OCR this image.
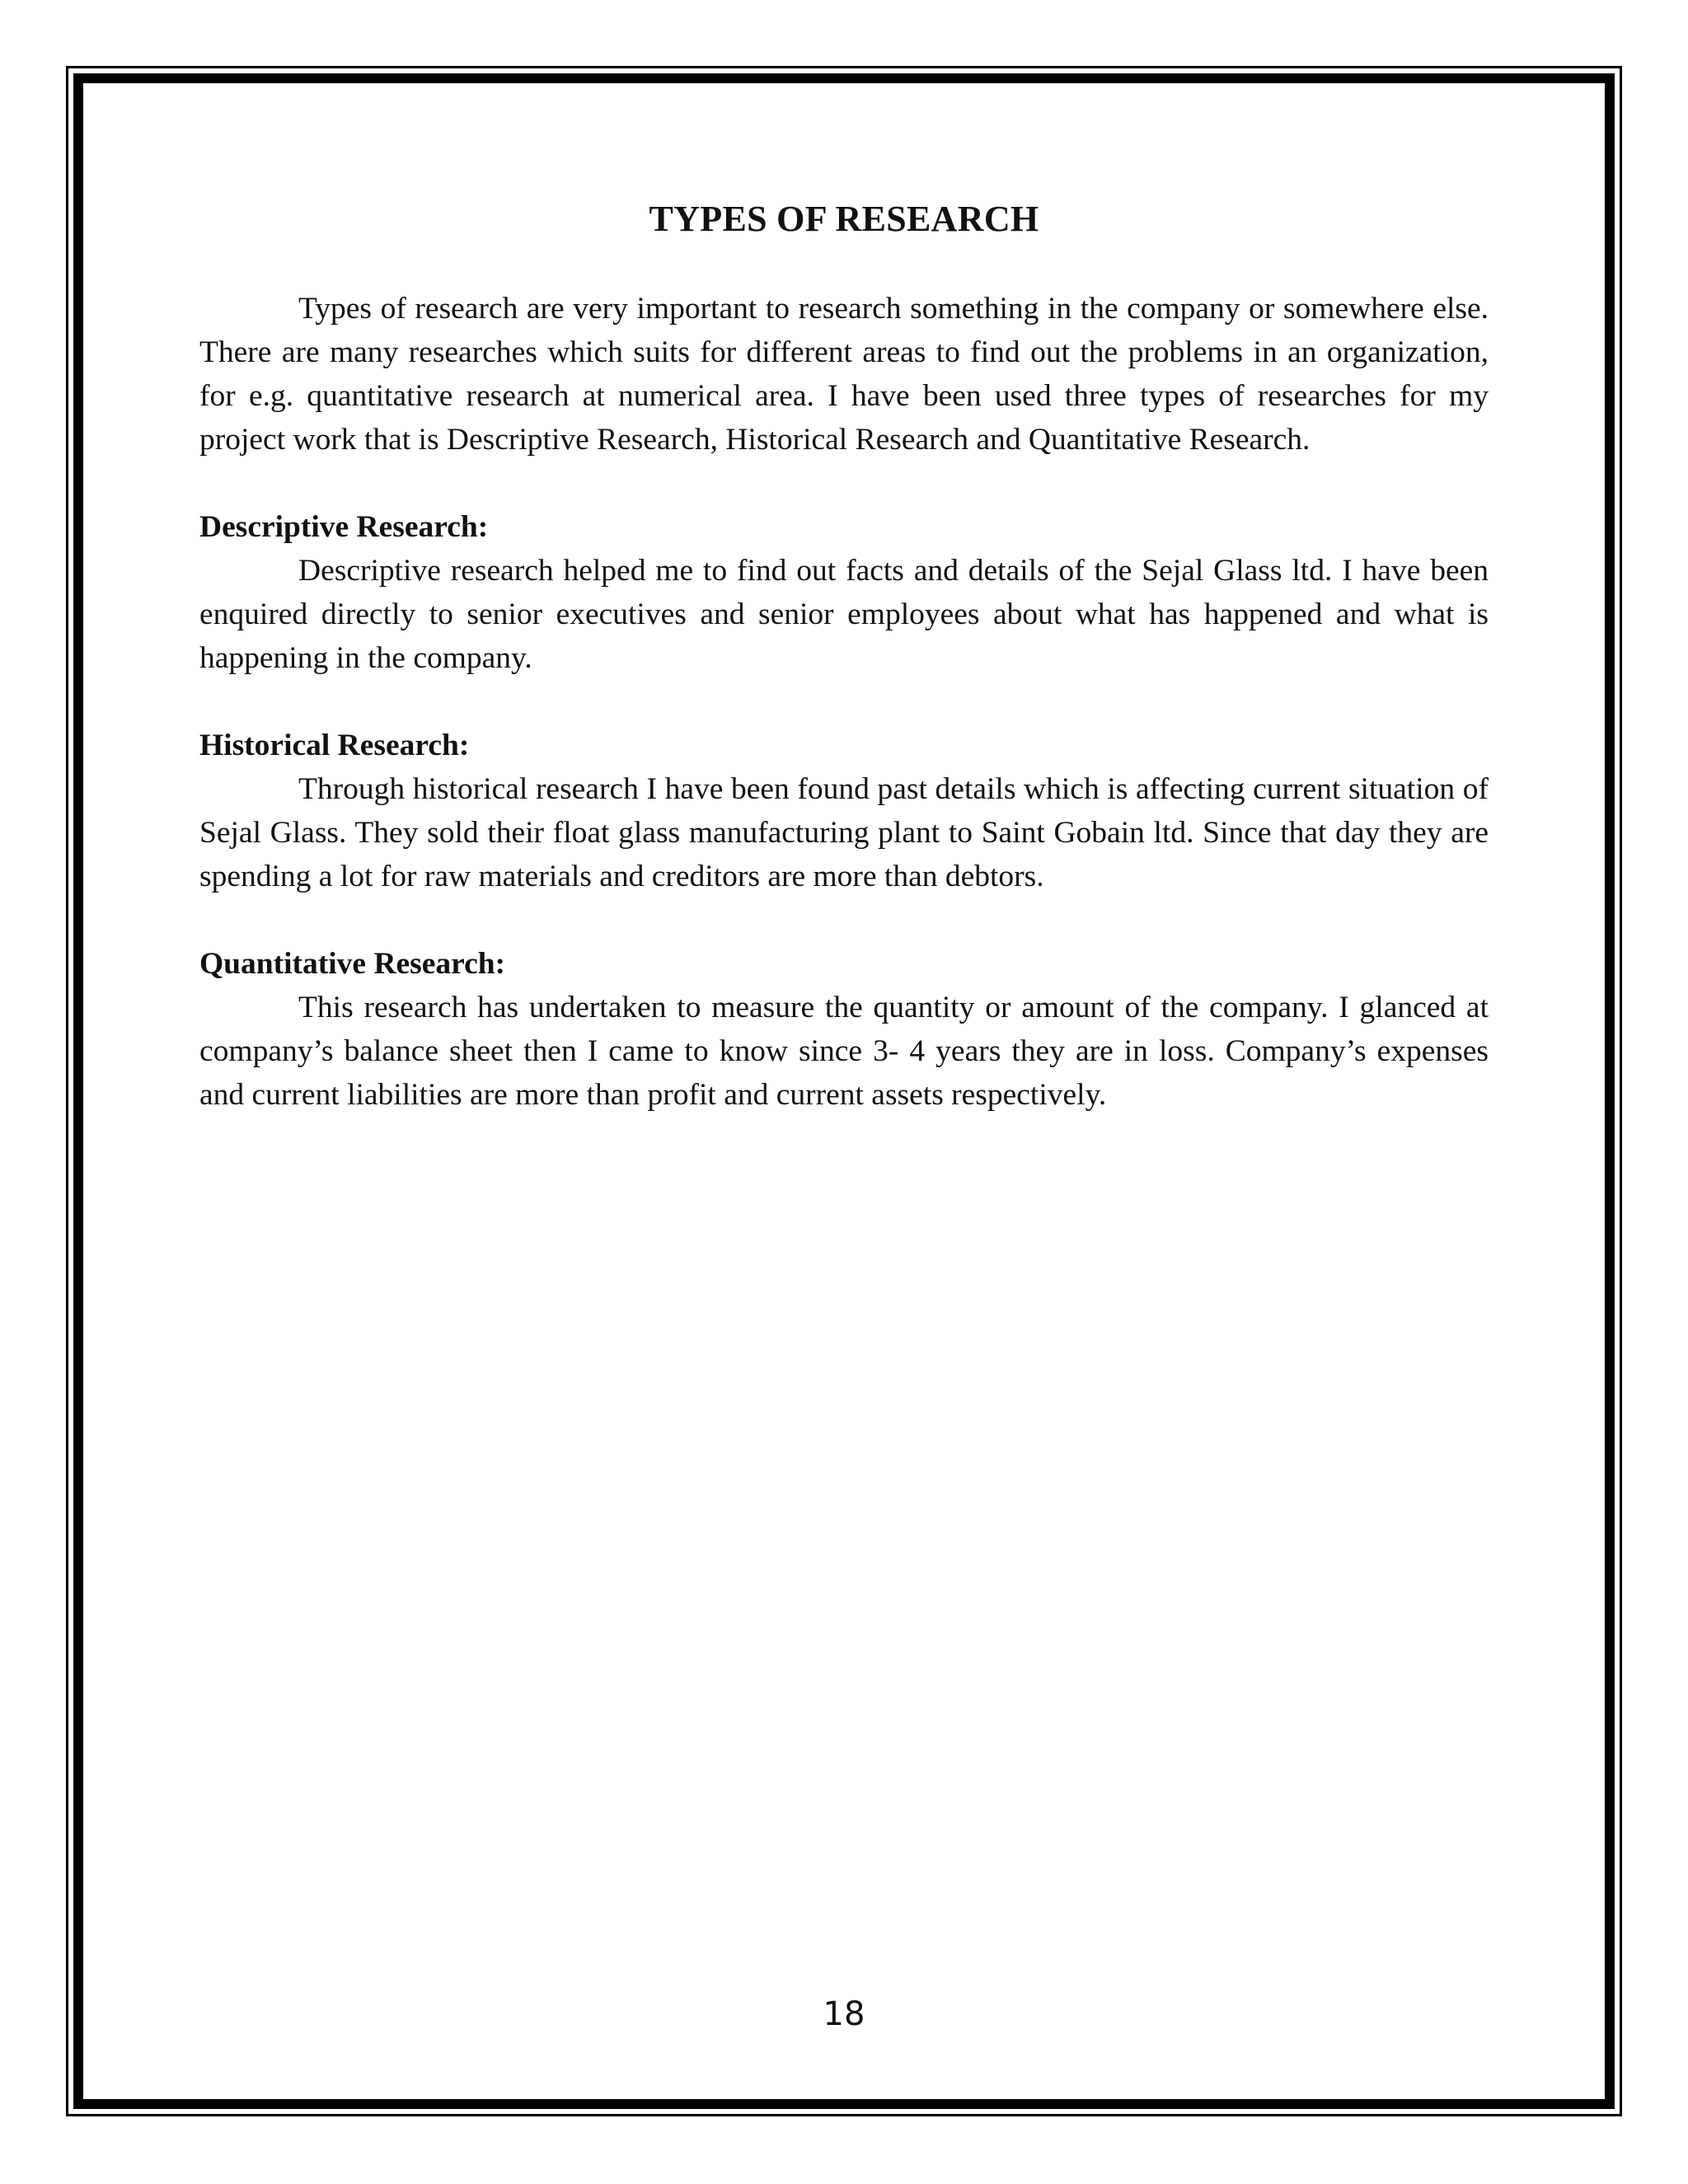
TYPES OF RESEARCH

Types of research are very important to research something in the company or somewhere else. There are many researches which suits for different areas to find out the problems in an organization, for e.g. quantitative research at numerical area. I have been used three types of researches for my project work that is Descriptive Research, Historical Research and Quantitative Research.

Descriptive Research:

Descriptive research helped me to find out facts and details of the Sejal Glass ltd. I have been enquired directly to senior executives and senior employees about what has happened and what is happening in the company.

Historical Research:

Through historical research I have been found past details which is affecting current situation of Sejal Glass. They sold their float glass manufacturing plant to Saint Gobain ltd. Since that day they are spending a lot for raw materials and creditors are more than debtors.

Quantitative Research:

This research has undertaken to measure the quantity or amount of the company. I glanced at company’s balance sheet then I came to know since 3- 4 years they are in loss. Company’s expenses and current liabilities are more than profit and current assets respectively.

18
